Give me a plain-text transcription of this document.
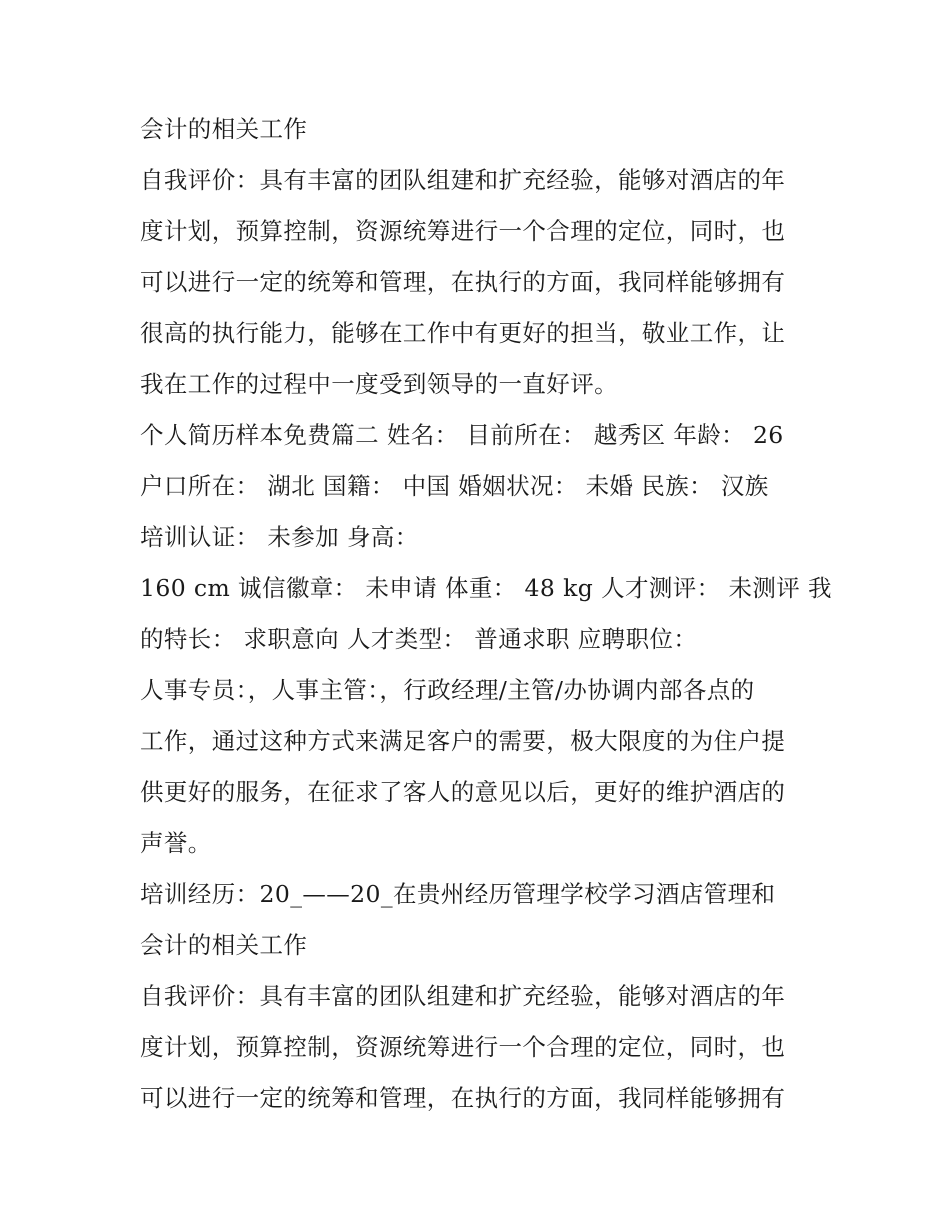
会计的相关工作
自我评价：具有丰富的团队组建和扩充经验，能够对酒店的年
度计划，预算控制，资源统筹进行一个合理的定位，同时，也
可以进行一定的统筹和管理，在执行的方面，我同样能够拥有
很高的执行能力，能够在工作中有更好的担当，敬业工作，让
我在工作的过程中一度受到领导的一直好评。
个人简历样本免费篇二 姓名： 目前所在： 越秀区 年龄： 26
户口所在： 湖北 国籍： 中国 婚姻状况： 未婚 民族： 汉族
培训认证： 未参加 身高：
160 cm 诚信徽章： 未申请 体重： 48 kg 人才测评： 未测评 我
的特长： 求职意向 人才类型： 普通求职 应聘职位：
人事专员：，人事主管：，行政经理/主管/办协调内部各点的
工作，通过这种方式来满足客户的需要，极大限度的为住户提
供更好的服务，在征求了客人的意见以后，更好的维护酒店的
声誉。
培训经历：20_——20_在贵州经历管理学校学习酒店管理和
会计的相关工作
自我评价：具有丰富的团队组建和扩充经验，能够对酒店的年
度计划，预算控制，资源统筹进行一个合理的定位，同时，也
可以进行一定的统筹和管理，在执行的方面，我同样能够拥有
